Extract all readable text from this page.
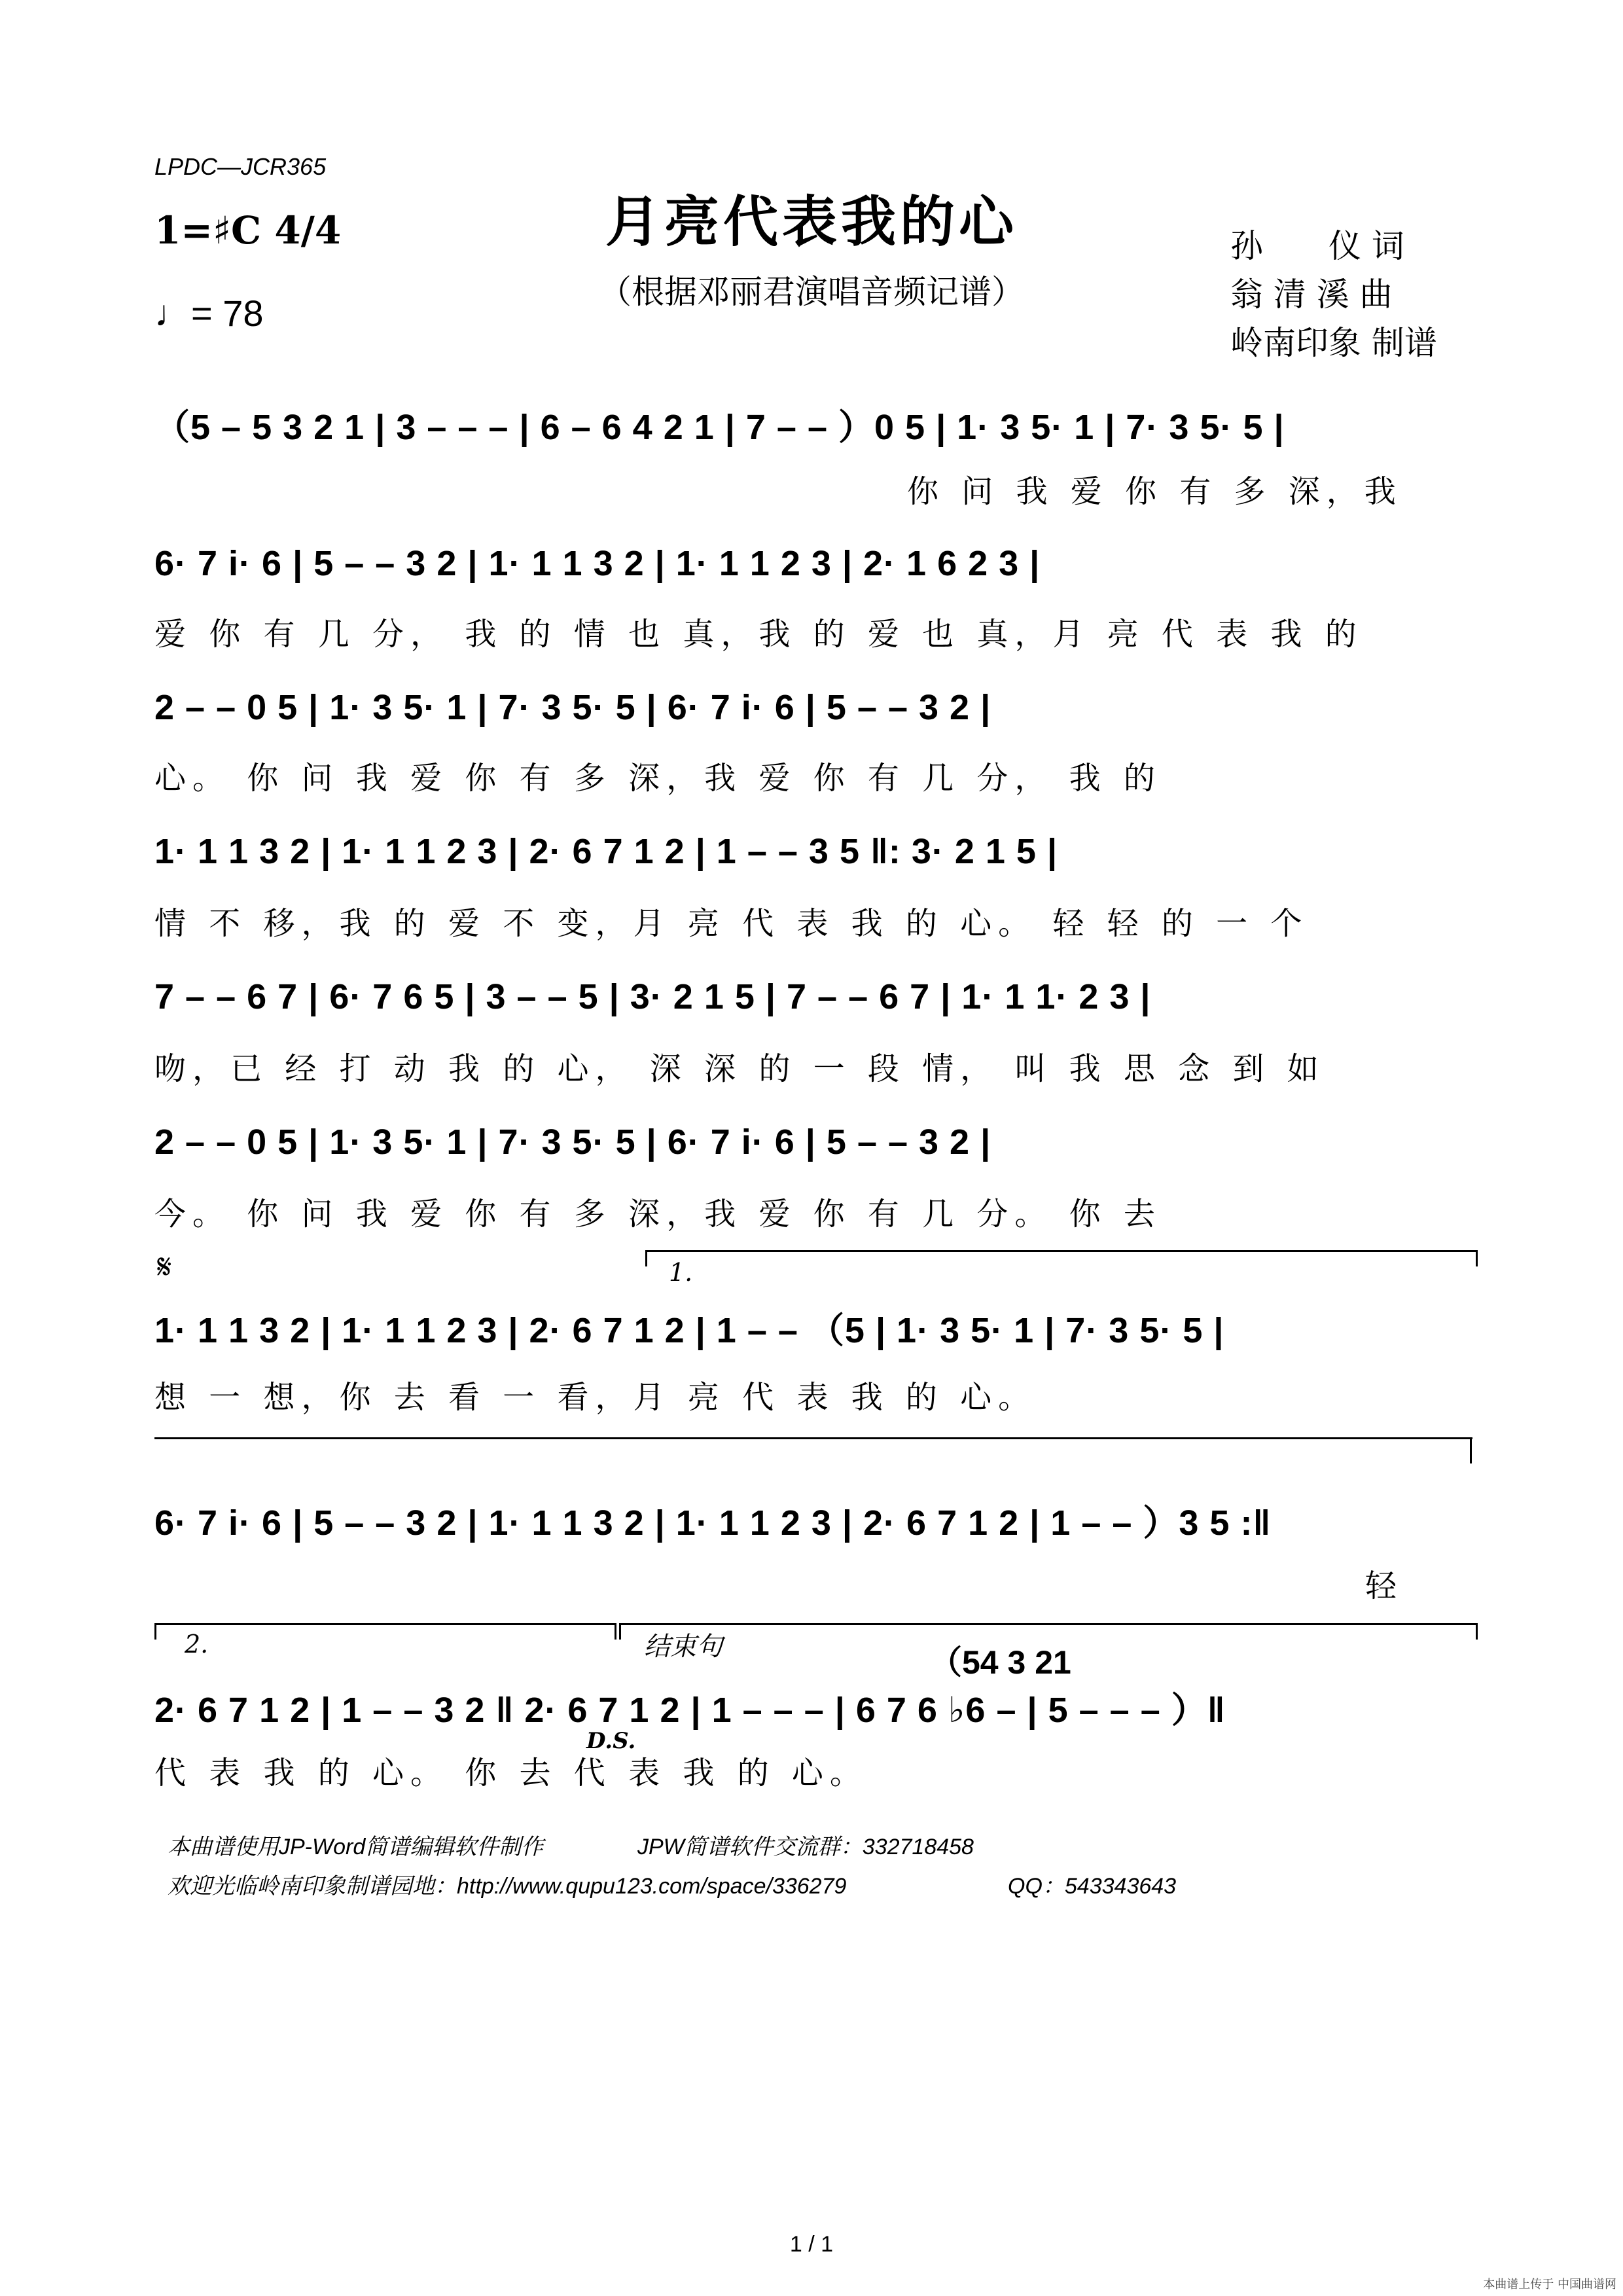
LPDC—JCR365
月亮代表我的心
（根据邓丽君演唱音频记谱）
孙　　仪 词
翁 清 溪 曲
岭南印象 制谱
1=♯C 4/4
♩= 78
（5 – 5 3 2 1 | 3 – – – | 6 – 6 4 2 1 | 7 – – ）0 5 | 1· 3 5· 1 | 7· 3 5· 5 |
你 问 我 爱 你 有 多 深，我
6· 7 i· 6 | 5 – – 3 2 | 1· 1 1 3 2 | 1· 1 1 2 3 | 2· 1 6 2 3 |
爱 你 有 几 分， 我 的 情 也 真，我 的 爱 也 真，月 亮 代 表 我 的
2 – – 0 5 | 1· 3 5· 1 | 7· 3 5· 5 | 6· 7 i· 6 | 5 – – 3 2 |
心。 你 问 我 爱 你 有 多 深，我 爱 你 有 几 分， 我 的
1· 1 1 3 2 | 1· 1 1 2 3 | 2· 6 7 1 2 | 1 – – 3 5 ‖: 3· 2 1 5 |
情 不 移，我 的 爱 不 变，月 亮 代 表 我 的 心。 轻 轻 的 一 个
7 – – 6 7 | 6· 7 6 5 | 3 – – 5 | 3· 2 1 5 | 7 – – 6 7 | 1· 1 1· 2 3 |
吻，已 经 打 动 我 的 心， 深 深 的 一 段 情， 叫 我 思 念 到 如
2 – – 0 5 | 1· 3 5· 1 | 7· 3 5· 5 | 6· 7 i· 6 | 5 – – 3 2 |
今。 你 问 我 爱 你 有 多 深，我 爱 你 有 几 分。 你 去
𝄋	1.
1· 1 1 3 2 | 1· 1 1 2 3 | 2· 6 7 1 2 | 1 – – （5 | 1· 3 5· 1 | 7· 3 5· 5 |
想 一 想，你 去 看 一 看，月 亮 代 表 我 的 心。
6· 7 i· 6 | 5 – – 3 2 | 1· 1 1 3 2 | 1· 1 1 2 3 | 2· 6 7 1 2 | 1 – – ）3 5 :‖
轻
2.	结束句	（54 3 21
2· 6 7 1 2 | 1 – – 3 2 ‖ 2· 6 7 1 2 | 1 – – – | 6 7 6 ♭6 – | 5 – – – ）‖
D.S.
代 表 我 的 心。 你 去 代 表 我 的 心。
本曲谱使用JP-Word简谱编辑软件制作	JPW简谱软件交流群：332718458
欢迎光临岭南印象制谱园地：http://www.qupu123.com/space/336279	QQ：543343643
1 / 1
本曲谱上传于 中国曲谱网
